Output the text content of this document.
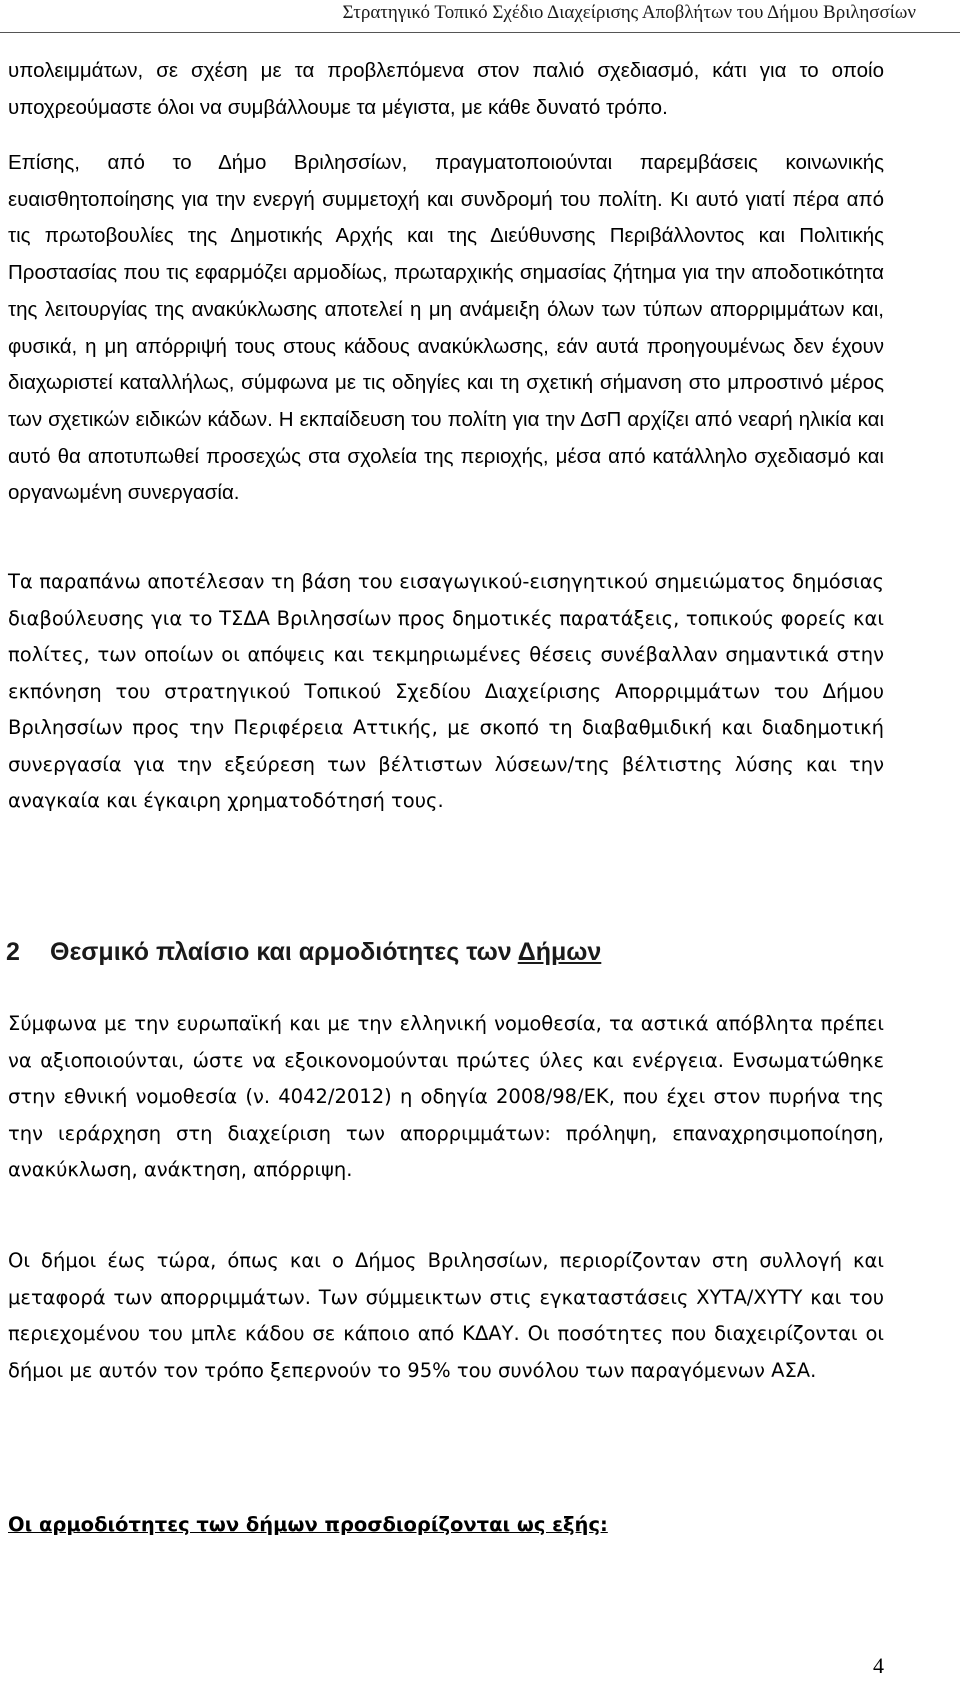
Στρατηγικό Τοπικό Σχέδιο Διαχείρισης Αποβλήτων του Δήμου Βριλησσίων

υπολειμμάτων, σε σχέση με τα προβλεπόμενα στον παλιό σχεδιασμό, κάτι για το οποίο υποχρεούμαστε όλοι να συμβάλλουμε τα μέγιστα, με κάθε δυνατό τρόπο.

Επίσης, από το Δήμο Βριλησσίων, πραγματοποιούνται παρεμβάσεις κοινωνικής ευαισθητοποίησης για την ενεργή συμμετοχή και συνδρομή του πολίτη. Κι αυτό γιατί πέρα από τις πρωτοβουλίες της Δημοτικής Αρχής και της Διεύθυνσης Περιβάλλοντος και Πολιτικής Προστασίας που τις εφαρμόζει αρμοδίως, πρωταρχικής σημασίας ζήτημα για την αποδοτικότητα της λειτουργίας της ανακύκλωσης αποτελεί η μη ανάμειξη όλων των τύπων απορριμμάτων και, φυσικά, η μη απόρριψή τους στους κάδους ανακύκλωσης, εάν αυτά προηγουμένως δεν έχουν διαχωριστεί καταλλήλως, σύμφωνα με τις οδηγίες και τη σχετική σήμανση στο μπροστινό μέρος των σχετικών ειδικών κάδων. Η εκπαίδευση του πολίτη για την ΔσΠ αρχίζει από νεαρή ηλικία και αυτό θα αποτυπωθεί προσεχώς στα σχολεία της περιοχής, μέσα από κατάλληλο σχεδιασμό και οργανωμένη συνεργασία.

Τα παραπάνω αποτέλεσαν τη βάση του εισαγωγικού-εισηγητικού σημειώματος δημόσιας διαβούλευσης για το ΤΣΔΑ Βριλησσίων προς δημοτικές παρατάξεις, τοπικούς φορείς και πολίτες, των οποίων οι απόψεις και τεκμηριωμένες θέσεις συνέβαλλαν σημαντικά στην εκπόνηση του στρατηγικού Τοπικού Σχεδίου Διαχείρισης Απορριμμάτων του Δήμου Βριλησσίων προς την Περιφέρεια Αττικής, με σκοπό τη διαβαθμιδική και διαδημοτική συνεργασία για την εξεύρεση των βέλτιστων λύσεων/της βέλτιστης λύσης και την αναγκαία και έγκαιρη χρηματοδότησή τους.

2 Θεσμικό πλαίσιο και αρμοδιότητες των Δήμων

Σύμφωνα με την ευρωπαϊκή και με την ελληνική νομοθεσία, τα αστικά απόβλητα πρέπει να αξιοποιούνται, ώστε να εξοικονομούνται πρώτες ύλες και ενέργεια. Ενσωματώθηκε στην εθνική νομοθεσία (ν. 4042/2012) η οδηγία 2008/98/ΕΚ, που έχει στον πυρήνα της την ιεράρχηση στη διαχείριση των απορριμμάτων: πρόληψη, επαναχρησιμοποίηση, ανακύκλωση, ανάκτηση, απόρριψη.

Οι δήμοι έως τώρα, όπως και ο Δήμος Βριλησσίων, περιορίζονταν στη συλλογή και μεταφορά των απορριμμάτων. Των σύμμεικτων στις εγκαταστάσεις ΧΥΤΑ/ΧΥΤΥ και του περιεχομένου του μπλε κάδου σε κάποιο από ΚΔΑΥ. Οι ποσότητες που διαχειρίζονται οι δήμοι με αυτόν τον τρόπο ξεπερνούν το 95% του συνόλου των παραγόμενων ΑΣΑ.

Οι αρμοδιότητες των δήμων προσδιορίζονται ως εξής:

4
